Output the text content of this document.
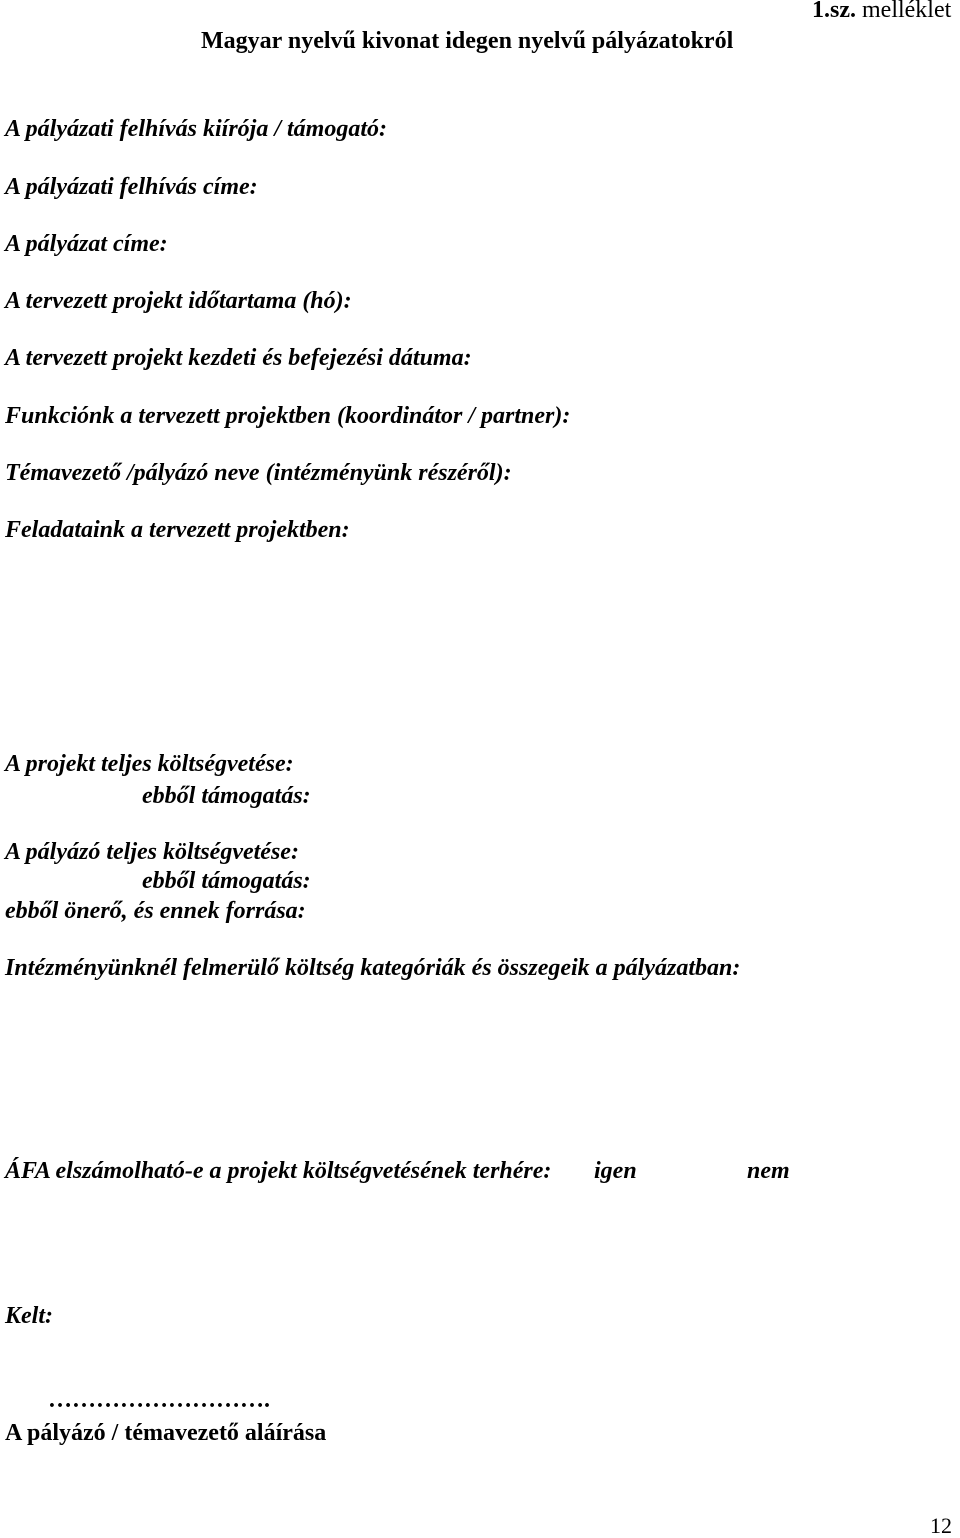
1.sz. melléklet
Magyar nyelvű kivonat idegen nyelvű pályázatokról
A pályázati felhívás kiírója / támogató:
A pályázati felhívás címe:
A pályázat címe:
A tervezett projekt időtartama (hó):
A tervezett projekt kezdeti és befejezési dátuma:
Funkciónk a tervezett projektben (koordinátor / partner):
Témavezető /pályázó neve (intézményünk részéről):
Feladataink a tervezett projektben:
A projekt teljes költségvetése:
ebből támogatás:
A pályázó teljes költségvetése:
ebből támogatás:
ebből önerő, és ennek forrása:
Intézményünknél felmerülő költség kategóriák és összegeik a pályázatban:
ÁFA elszámolható-e a projekt költségvetésének terhére: igen	nem
Kelt:
……………………….
A pályázó / témavezető aláírása
12
